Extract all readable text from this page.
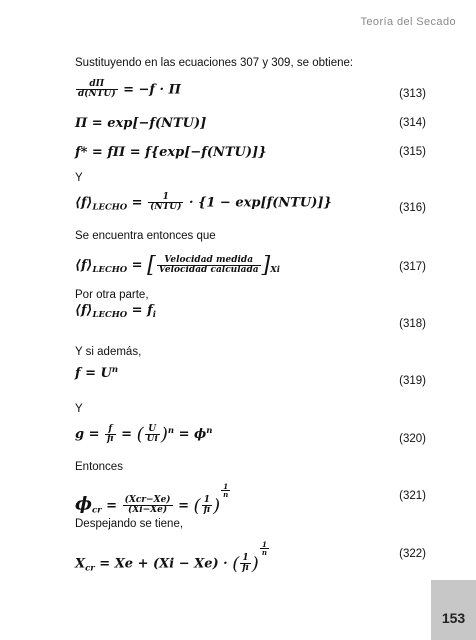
Teoría del Secado
Sustituyendo en las ecuaciones 307 y 309, se obtiene:
$\frac{d\Pi}{\text{d(NTU)}} = -f \cdot \Pi$	(313)
Π = exp[−f(NTU)]	(314)
f* = fΠ = f{exp[−f(NTU)]}	(315)
Y
$⟨f⟩_{LECHO} = \frac{1}{\text{(NTU)}} \cdot \{1 - \exp[f(NTU)]\}$	(316)
Se encuentra entonces que
$⟨f⟩_{LECHO}$ = [ $\frac{\text{Velocidad medida}}{\text{Velocidad calculada}} ]_{Xi}$	(317)
Por otra parte,
$⟨f⟩_{LECHO} = f_i$
(318)
Y si además,
$f = U^n$
(319)
Y
$g = \frac{f}{fi}$ = ( $\frac{U}{Ui} )^n = \phi^n$
(320)
Entonces
$\phi_{cr} = \frac{\text{(Xcr−Xe)}}{(Xi-Xe)}$ = ( $\frac{1}{fi}$ )
$\frac{1}{n}$	(321)
Despejando se tiene,
$X_{cr} = Xe + (Xi - Xe)$ · ( $\frac{1}{fi}$ )
$\frac{1}{n}$	(322)
153
